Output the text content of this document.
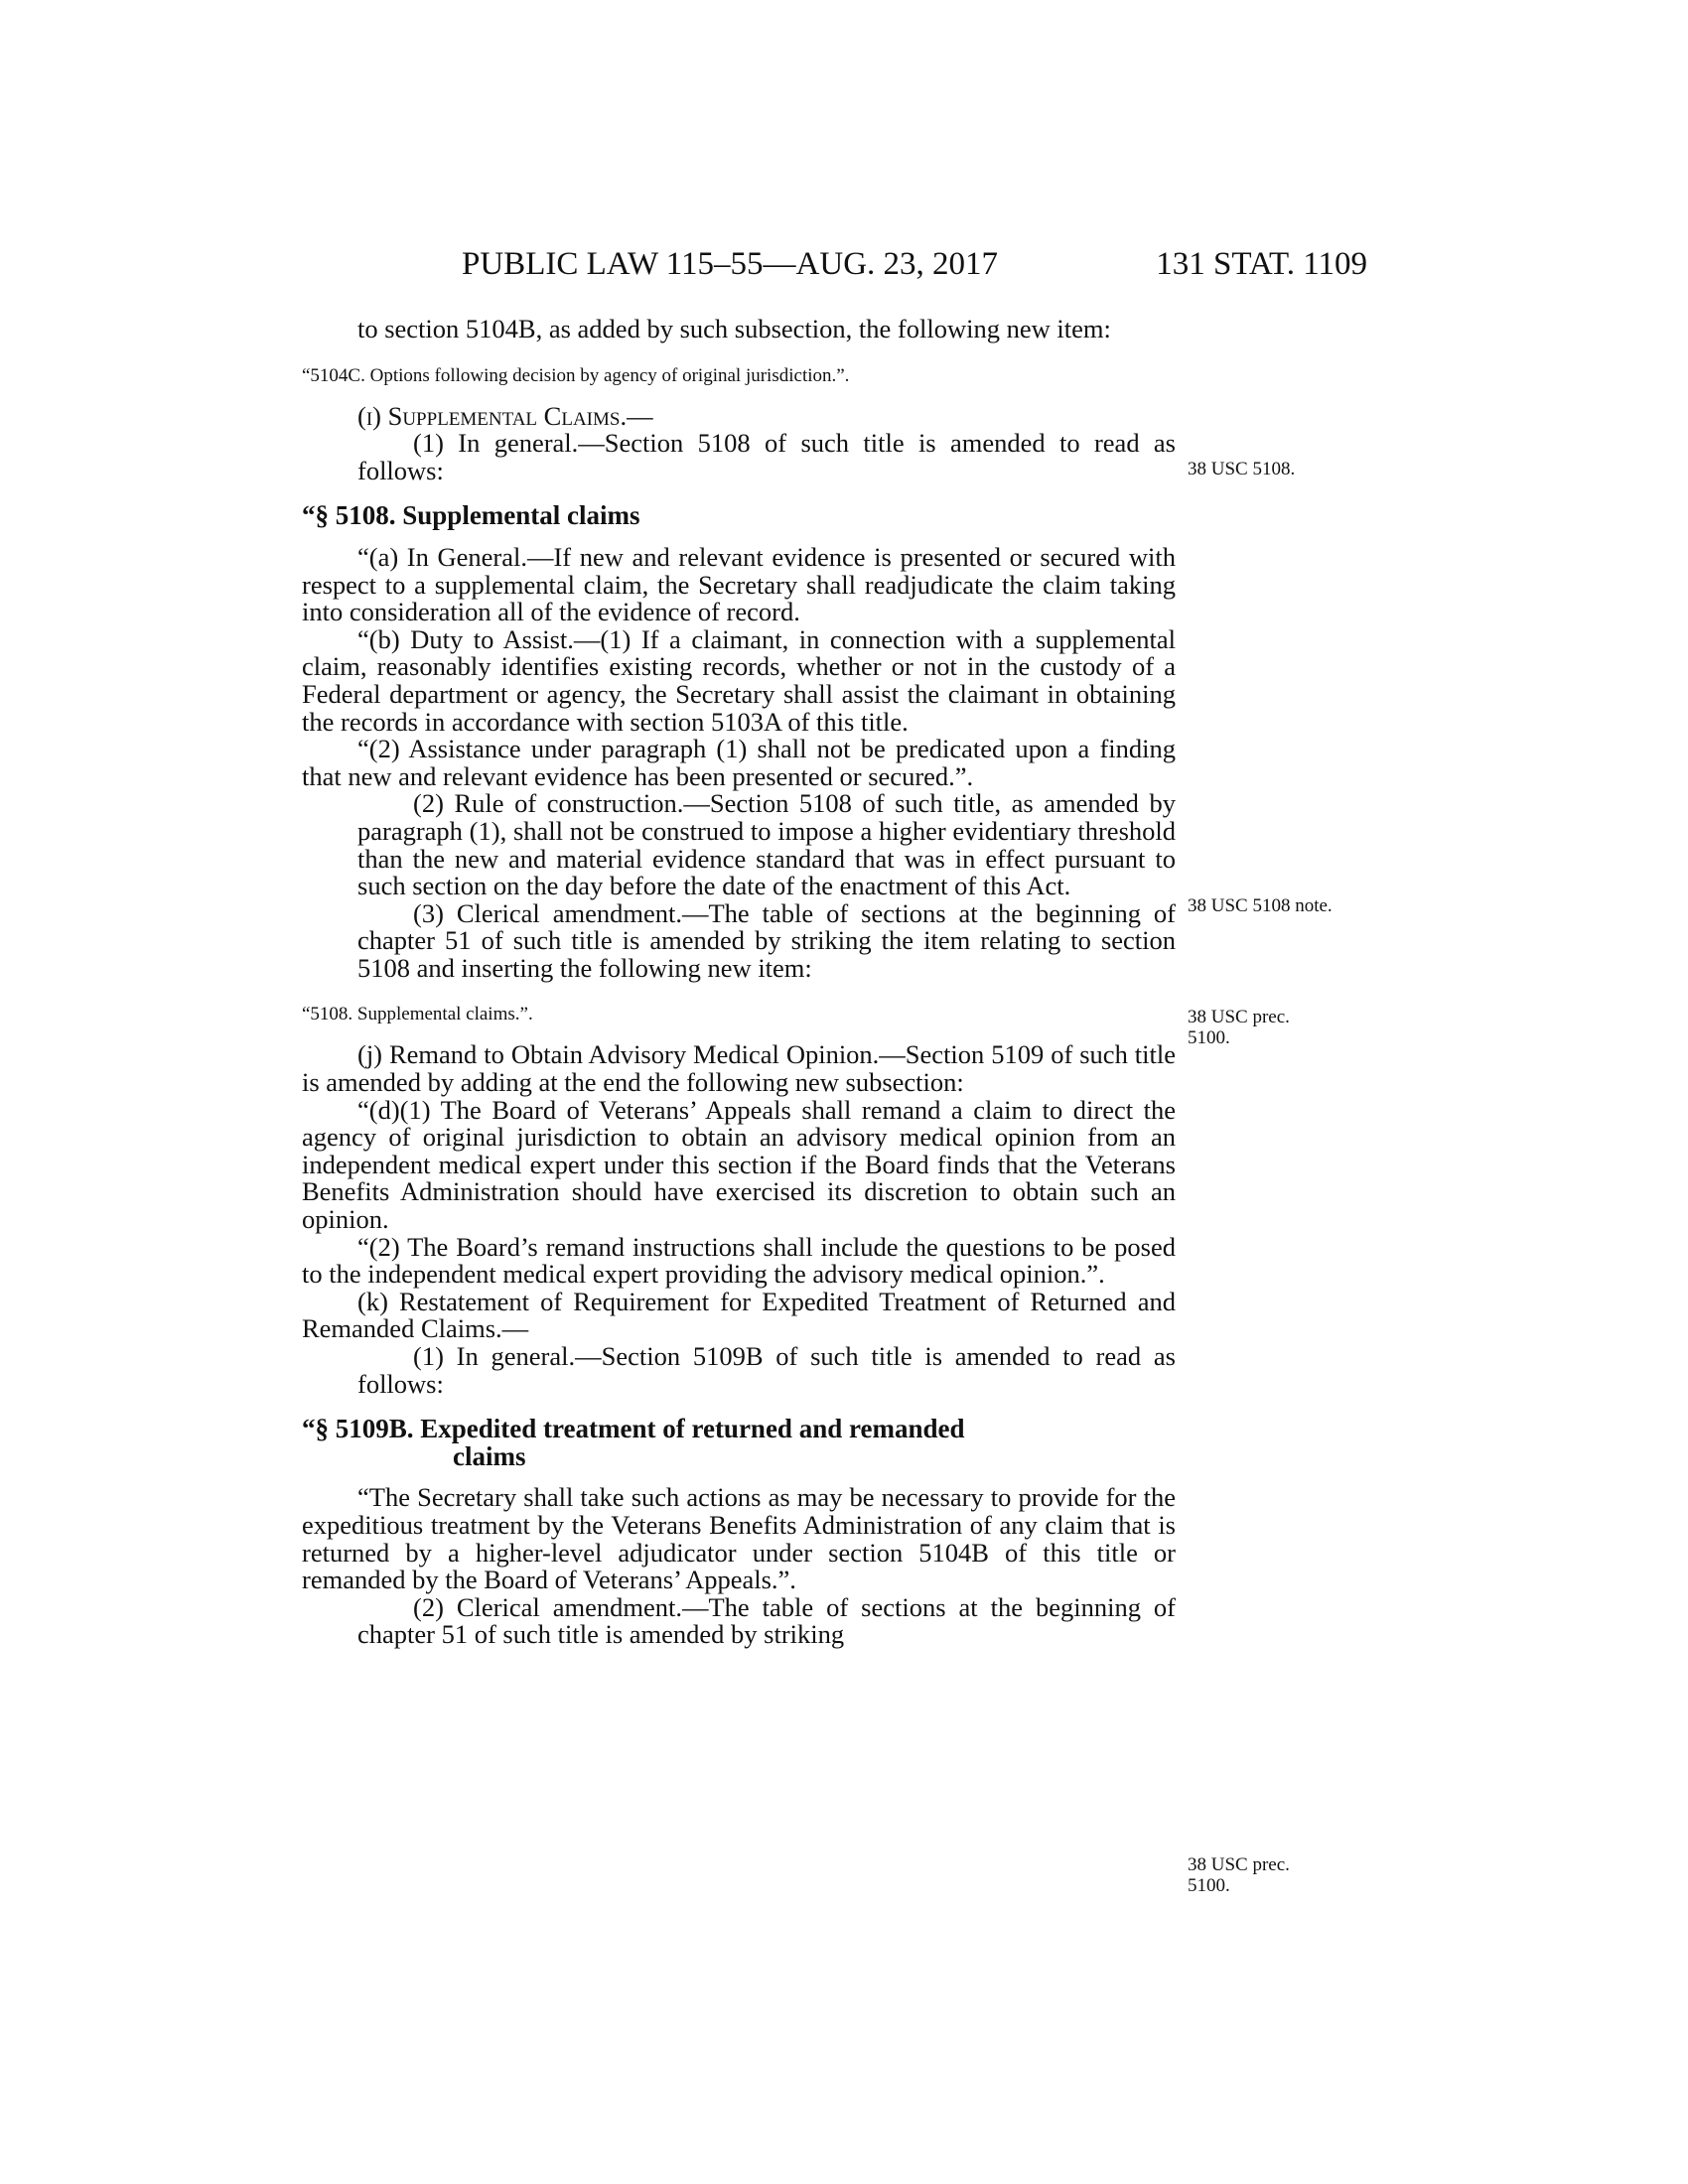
PUBLIC LAW 115–55—AUG. 23, 2017	131 STAT. 1109

to section 5104B, as added by such subsection, the following new item:

“5104C. Options following decision by agency of original jurisdiction.”.

(i) Supplemental Claims.—

(1) In general.—Section 5108 of such title is amended to read as follows:

“§ 5108. Supplemental claims

“(a) In General.—If new and relevant evidence is presented or secured with respect to a supplemental claim, the Secretary shall readjudicate the claim taking into consideration all of the evidence of record.

“(b) Duty to Assist.—(1) If a claimant, in connection with a supplemental claim, reasonably identifies existing records, whether or not in the custody of a Federal department or agency, the Secretary shall assist the claimant in obtaining the records in accordance with section 5103A of this title.

“(2) Assistance under paragraph (1) shall not be predicated upon a finding that new and relevant evidence has been presented or secured.”.

(2) Rule of construction.—Section 5108 of such title, as amended by paragraph (1), shall not be construed to impose a higher evidentiary threshold than the new and material evidence standard that was in effect pursuant to such section on the day before the date of the enactment of this Act.

(3) Clerical amendment.—The table of sections at the beginning of chapter 51 of such title is amended by striking the item relating to section 5108 and inserting the following new item:

“5108. Supplemental claims.”.

(j) Remand to Obtain Advisory Medical Opinion.—Section 5109 of such title is amended by adding at the end the following new subsection:

“(d)(1) The Board of Veterans’ Appeals shall remand a claim to direct the agency of original jurisdiction to obtain an advisory medical opinion from an independent medical expert under this section if the Board finds that the Veterans Benefits Administration should have exercised its discretion to obtain such an opinion.

“(2) The Board’s remand instructions shall include the questions to be posed to the independent medical expert providing the advisory medical opinion.”.

(k) Restatement of Requirement for Expedited Treatment of Returned and Remanded Claims.—

(1) In general.—Section 5109B of such title is amended to read as follows:

“§ 5109B. Expedited treatment of returned and remanded
claims

“The Secretary shall take such actions as may be necessary to provide for the expeditious treatment by the Veterans Benefits Administration of any claim that is returned by a higher-level adjudicator under section 5104B of this title or remanded by the Board of Veterans’ Appeals.”.

(2) Clerical amendment.—The table of sections at the beginning of chapter 51 of such title is amended by striking

38 USC 5108.
38 USC 5108 note.
38 USC prec. 5100.
38 USC prec. 5100.
